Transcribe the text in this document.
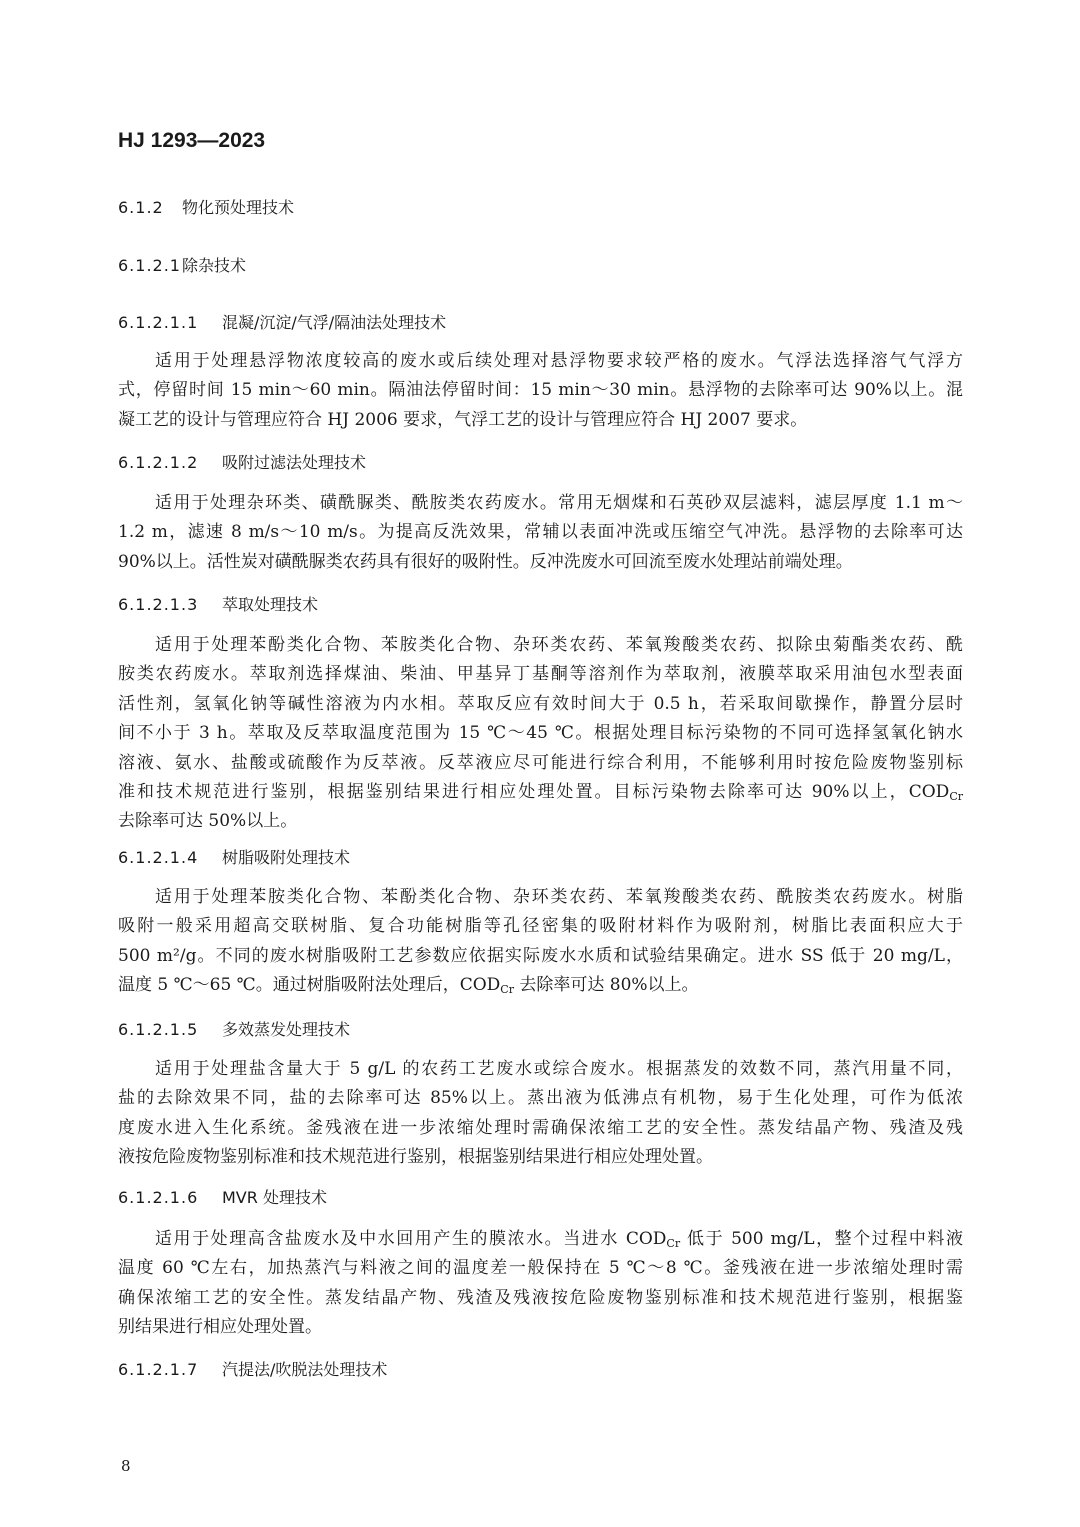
HJ 1293—2023
6.1.2 物化预处理技术
6.1.2.1除杂技术
6.1.2.1.1 混凝/沉淀/气浮/隔油法处理技术
6.1.2.1.2 吸附过滤法处理技术
6.1.2.1.3 萃取处理技术
6.1.2.1.4 树脂吸附处理技术
6.1.2.1.5 多效蒸发处理技术
6.1.2.1.6 MVR 处理技术
6.1.2.1.7 汽提法/吹脱法处理技术
适用于处理悬浮物浓度较高的废水或后续处理对悬浮物要求较严格的废水。气浮法选择溶气气浮方
式，停留时间 15 min～60 min。隔油法停留时间：15 min～30 min。悬浮物的去除率可达 90%以上。混
凝工艺的设计与管理应符合 HJ 2006 要求，气浮工艺的设计与管理应符合 HJ 2007 要求。
适用于处理杂环类、磺酰脲类、酰胺类农药废水。常用无烟煤和石英砂双层滤料，滤层厚度 1.1 m～
1.2 m，滤速 8 m/s～10 m/s。为提高反洗效果，常辅以表面冲洗或压缩空气冲洗。悬浮物的去除率可达
90%以上。活性炭对磺酰脲类农药具有很好的吸附性。反冲洗废水可回流至废水处理站前端处理。
适用于处理苯酚类化合物、苯胺类化合物、杂环类农药、苯氧羧酸类农药、拟除虫菊酯类农药、酰
胺类农药废水。萃取剂选择煤油、柴油、甲基异丁基酮等溶剂作为萃取剂，液膜萃取采用油包水型表面
活性剂，氢氧化钠等碱性溶液为内水相。萃取反应有效时间大于 0.5 h，若采取间歇操作，静置分层时
间不小于 3 h。萃取及反萃取温度范围为 15 ℃～45 ℃。根据处理目标污染物的不同可选择氢氧化钠水
溶液、氨水、盐酸或硫酸作为反萃液。反萃液应尽可能进行综合利用，不能够利用时按危险废物鉴别标
准和技术规范进行鉴别，根据鉴别结果进行相应处理处置。目标污染物去除率可达 90%以上，$COD_{Cr}$
去除率可达 50%以上。
适用于处理苯胺类化合物、苯酚类化合物、杂环类农药、苯氧羧酸类农药、酰胺类农药废水。树脂
吸附一般采用超高交联树脂、复合功能树脂等孔径密集的吸附材料作为吸附剂，树脂比表面积应大于
500 m²/g。不同的废水树脂吸附工艺参数应依据实际废水水质和试验结果确定。进水 SS 低于 20 mg/L，
温度 5 ℃～65 ℃。通过树脂吸附法处理后，$COD_{Cr}$ 去除率可达 80%以上。
适用于处理盐含量大于 5 g/L 的农药工艺废水或综合废水。根据蒸发的效数不同，蒸汽用量不同，
盐的去除效果不同，盐的去除率可达 85%以上。蒸出液为低沸点有机物，易于生化处理，可作为低浓
度废水进入生化系统。釜残液在进一步浓缩处理时需确保浓缩工艺的安全性。蒸发结晶产物、残渣及残
液按危险废物鉴别标准和技术规范进行鉴别，根据鉴别结果进行相应处理处置。
适用于处理高含盐废水及中水回用产生的膜浓水。当进水 $COD_{Cr}$ 低于 500 mg/L，整个过程中料液
温度 60 ℃左右，加热蒸汽与料液之间的温度差一般保持在 5 ℃～8 ℃。釜残液在进一步浓缩处理时需
确保浓缩工艺的安全性。蒸发结晶产物、残渣及残液按危险废物鉴别标准和技术规范进行鉴别，根据鉴
别结果进行相应处理处置。
8
